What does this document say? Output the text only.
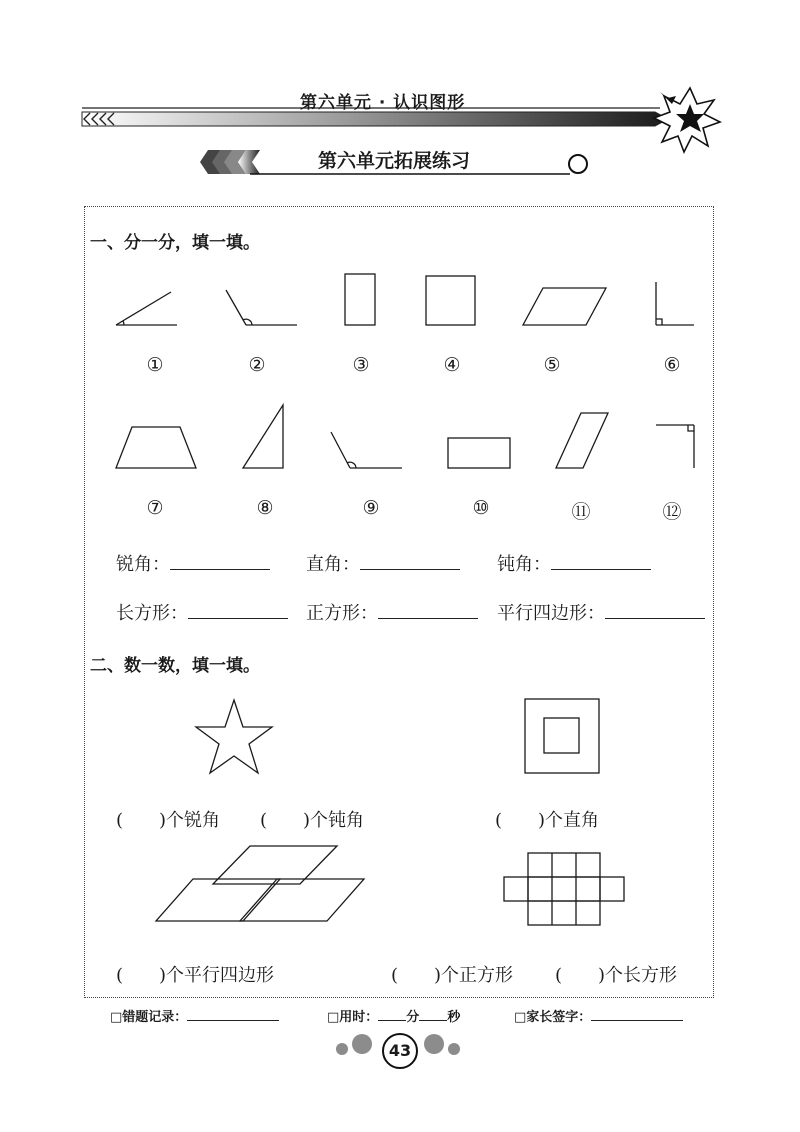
第六单元 · 认识图形
第六单元拓展练习
一、分一分，填一填。
①	②	③	④	⑤	⑥
⑦	⑧	⑨	⑩	⑪	⑫
锐角：	直角：	钝角：
长方形：	正方形：	平行四边形：
二、数一数，填一填。
(　　)个锐角 (　　)个钝角	(　　)个直角
(　　)个平行四边形	(　　)个正方形 (　　)个长方形
□错题记录：	□用时： 分 秒	□家长签字：
43
